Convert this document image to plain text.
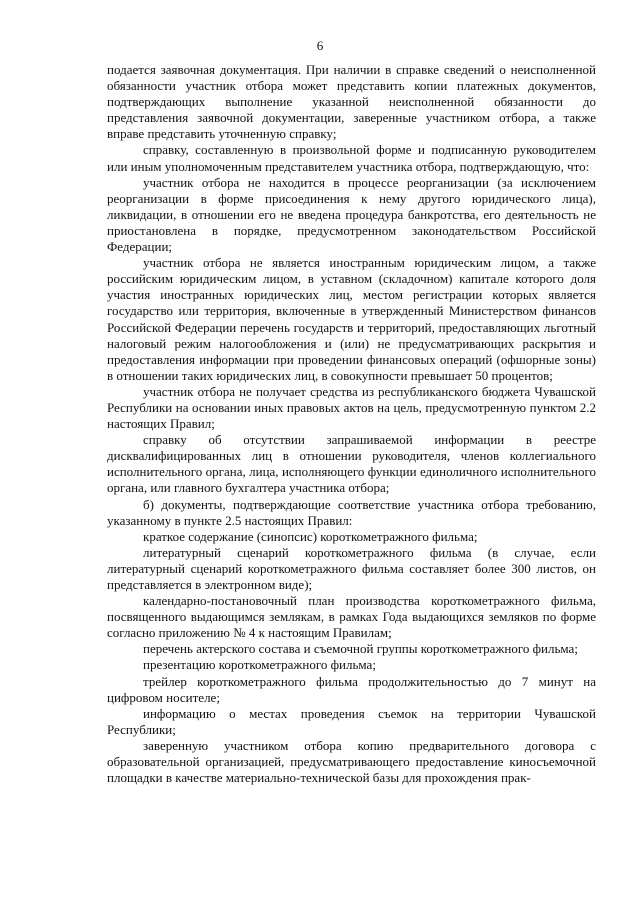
6

подается заявочная документация. При наличии в справке сведений о неисполненной обязанности участник отбора может представить копии платежных документов, подтверждающих выполнение указанной неисполненной обязанности до представления заявочной документации, заверенные участником отбора, а также вправе представить уточненную справку;

справку, составленную в произвольной форме и подписанную руководителем или иным уполномоченным представителем участника отбора, подтверждающую, что:

участник отбора не находится в процессе реорганизации (за исключением реорганизации в форме присоединения к нему другого юридического лица), ликвидации, в отношении его не введена процедура банкротства, его деятельность не приостановлена в порядке, предусмотренном законодательством Российской Федерации;

участник отбора не является иностранным юридическим лицом, а также российским юридическим лицом, в уставном (складочном) капитале которого доля участия иностранных юридических лиц, местом регистрации которых является государство или территория, включенные в утвержденный Министерством финансов Российской Федерации перечень государств и территорий, предоставляющих льготный налоговый режим налогообложения и (или) не предусматривающих раскрытия и предоставления информации при проведении финансовых операций (офшорные зоны) в отношении таких юридических лиц, в совокупности превышает 50 процентов;

участник отбора не получает средства из республиканского бюджета Чувашской Республики на основании иных правовых актов на цель, предусмотренную пунктом 2.2 настоящих Правил;

справку об отсутствии запрашиваемой информации в реестре дисквалифицированных лиц в отношении руководителя, членов коллегиального исполнительного органа, лица, исполняющего функции единоличного исполнительного органа, или главного бухгалтера участника отбора;

б) документы, подтверждающие соответствие участника отбора требованию, указанному в пункте 2.5 настоящих Правил:

краткое содержание (синопсис) короткометражного фильма;

литературный сценарий короткометражного фильма (в случае, если литературный сценарий короткометражного фильма составляет более 300 листов, он представляется в электронном виде);

календарно-постановочный план производства короткометражного фильма, посвященного выдающимся землякам, в рамках Года выдающихся земляков по форме согласно приложению № 4 к настоящим Правилам;

перечень актерского состава и съемочной группы короткометражного фильма;

презентацию короткометражного фильма;

трейлер короткометражного фильма продолжительностью до 7 минут на цифровом носителе;

информацию о местах проведения съемок на территории Чувашской Республики;

заверенную участником отбора копию предварительного договора с образовательной организацией, предусматривающего предоставление киносъемочной площадки в качестве материально-технической базы для прохождения прак-
